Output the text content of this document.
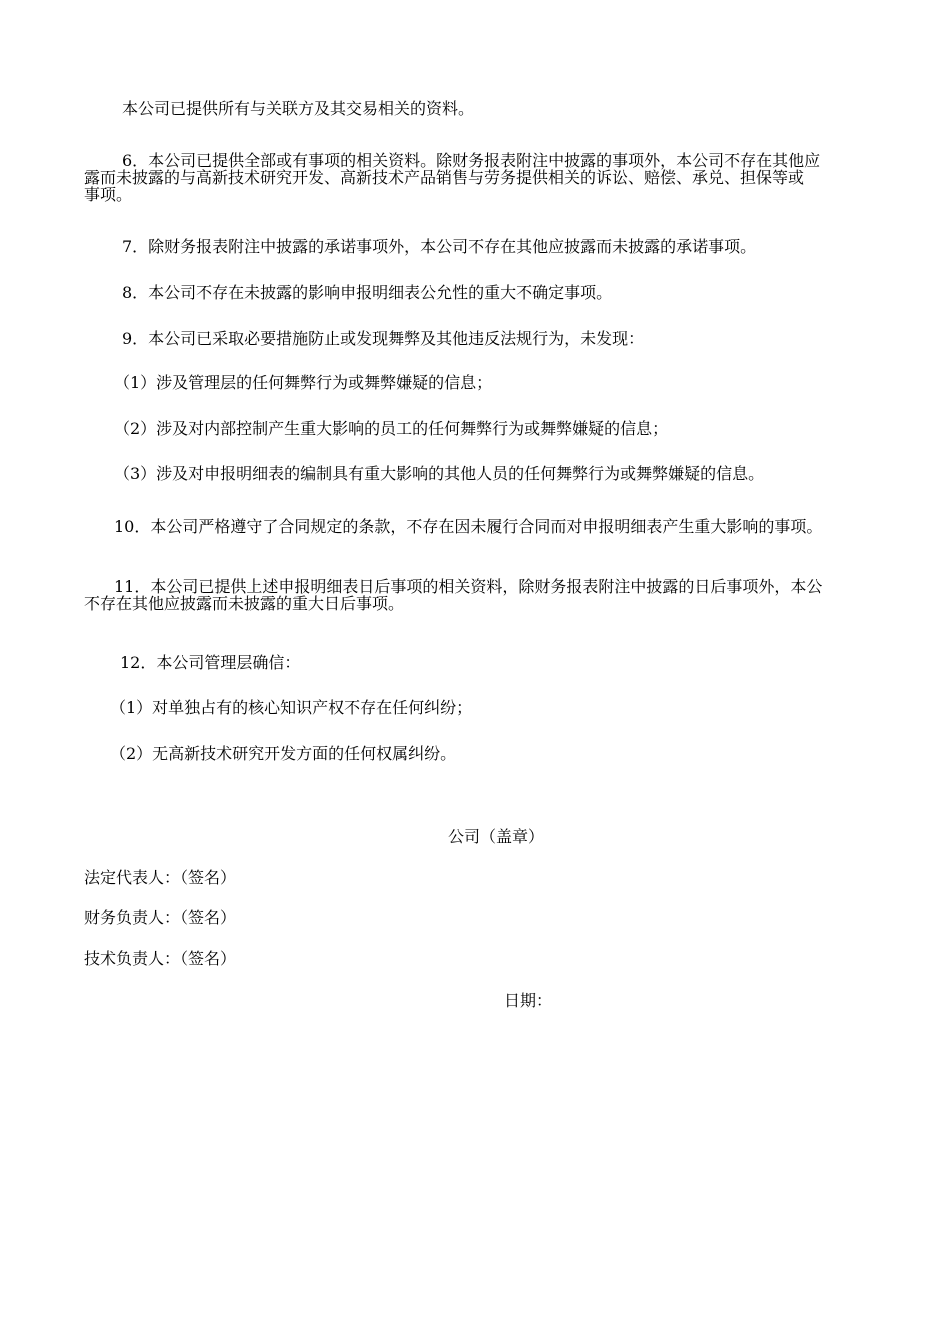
本公司已提供所有与关联方及其交易相关的资料。

6．本公司已提供全部或有事项的相关资料。除财务报表附注中披露的事项外，本公司不存在其他应

露而未披露的与高新技术研究开发、高新技术产品销售与劳务提供相关的诉讼、赔偿、承兑、担保等或

事项。

7．除财务报表附注中披露的承诺事项外，本公司不存在其他应披露而未披露的承诺事项。

8．本公司不存在未披露的影响申报明细表公允性的重大不确定事项。

9．本公司已采取必要措施防止或发现舞弊及其他违反法规行为，未发现：

（1）涉及管理层的任何舞弊行为或舞弊嫌疑的信息；

（2）涉及对内部控制产生重大影响的员工的任何舞弊行为或舞弊嫌疑的信息；

（3）涉及对申报明细表的编制具有重大影响的其他人员的任何舞弊行为或舞弊嫌疑的信息。

10．本公司严格遵守了合同规定的条款，不存在因未履行合同而对申报明细表产生重大影响的事项。

11．本公司已提供上述申报明细表日后事项的相关资料，除财务报表附注中披露的日后事项外，本公

不存在其他应披露而未披露的重大日后事项。

12．本公司管理层确信：

（1）对单独占有的核心知识产权不存在任何纠纷；

（2）无高新技术研究开发方面的任何权属纠纷。

公司（盖章）

法定代表人：（签名）

财务负责人：（签名）

技术负责人：（签名）

日期：
